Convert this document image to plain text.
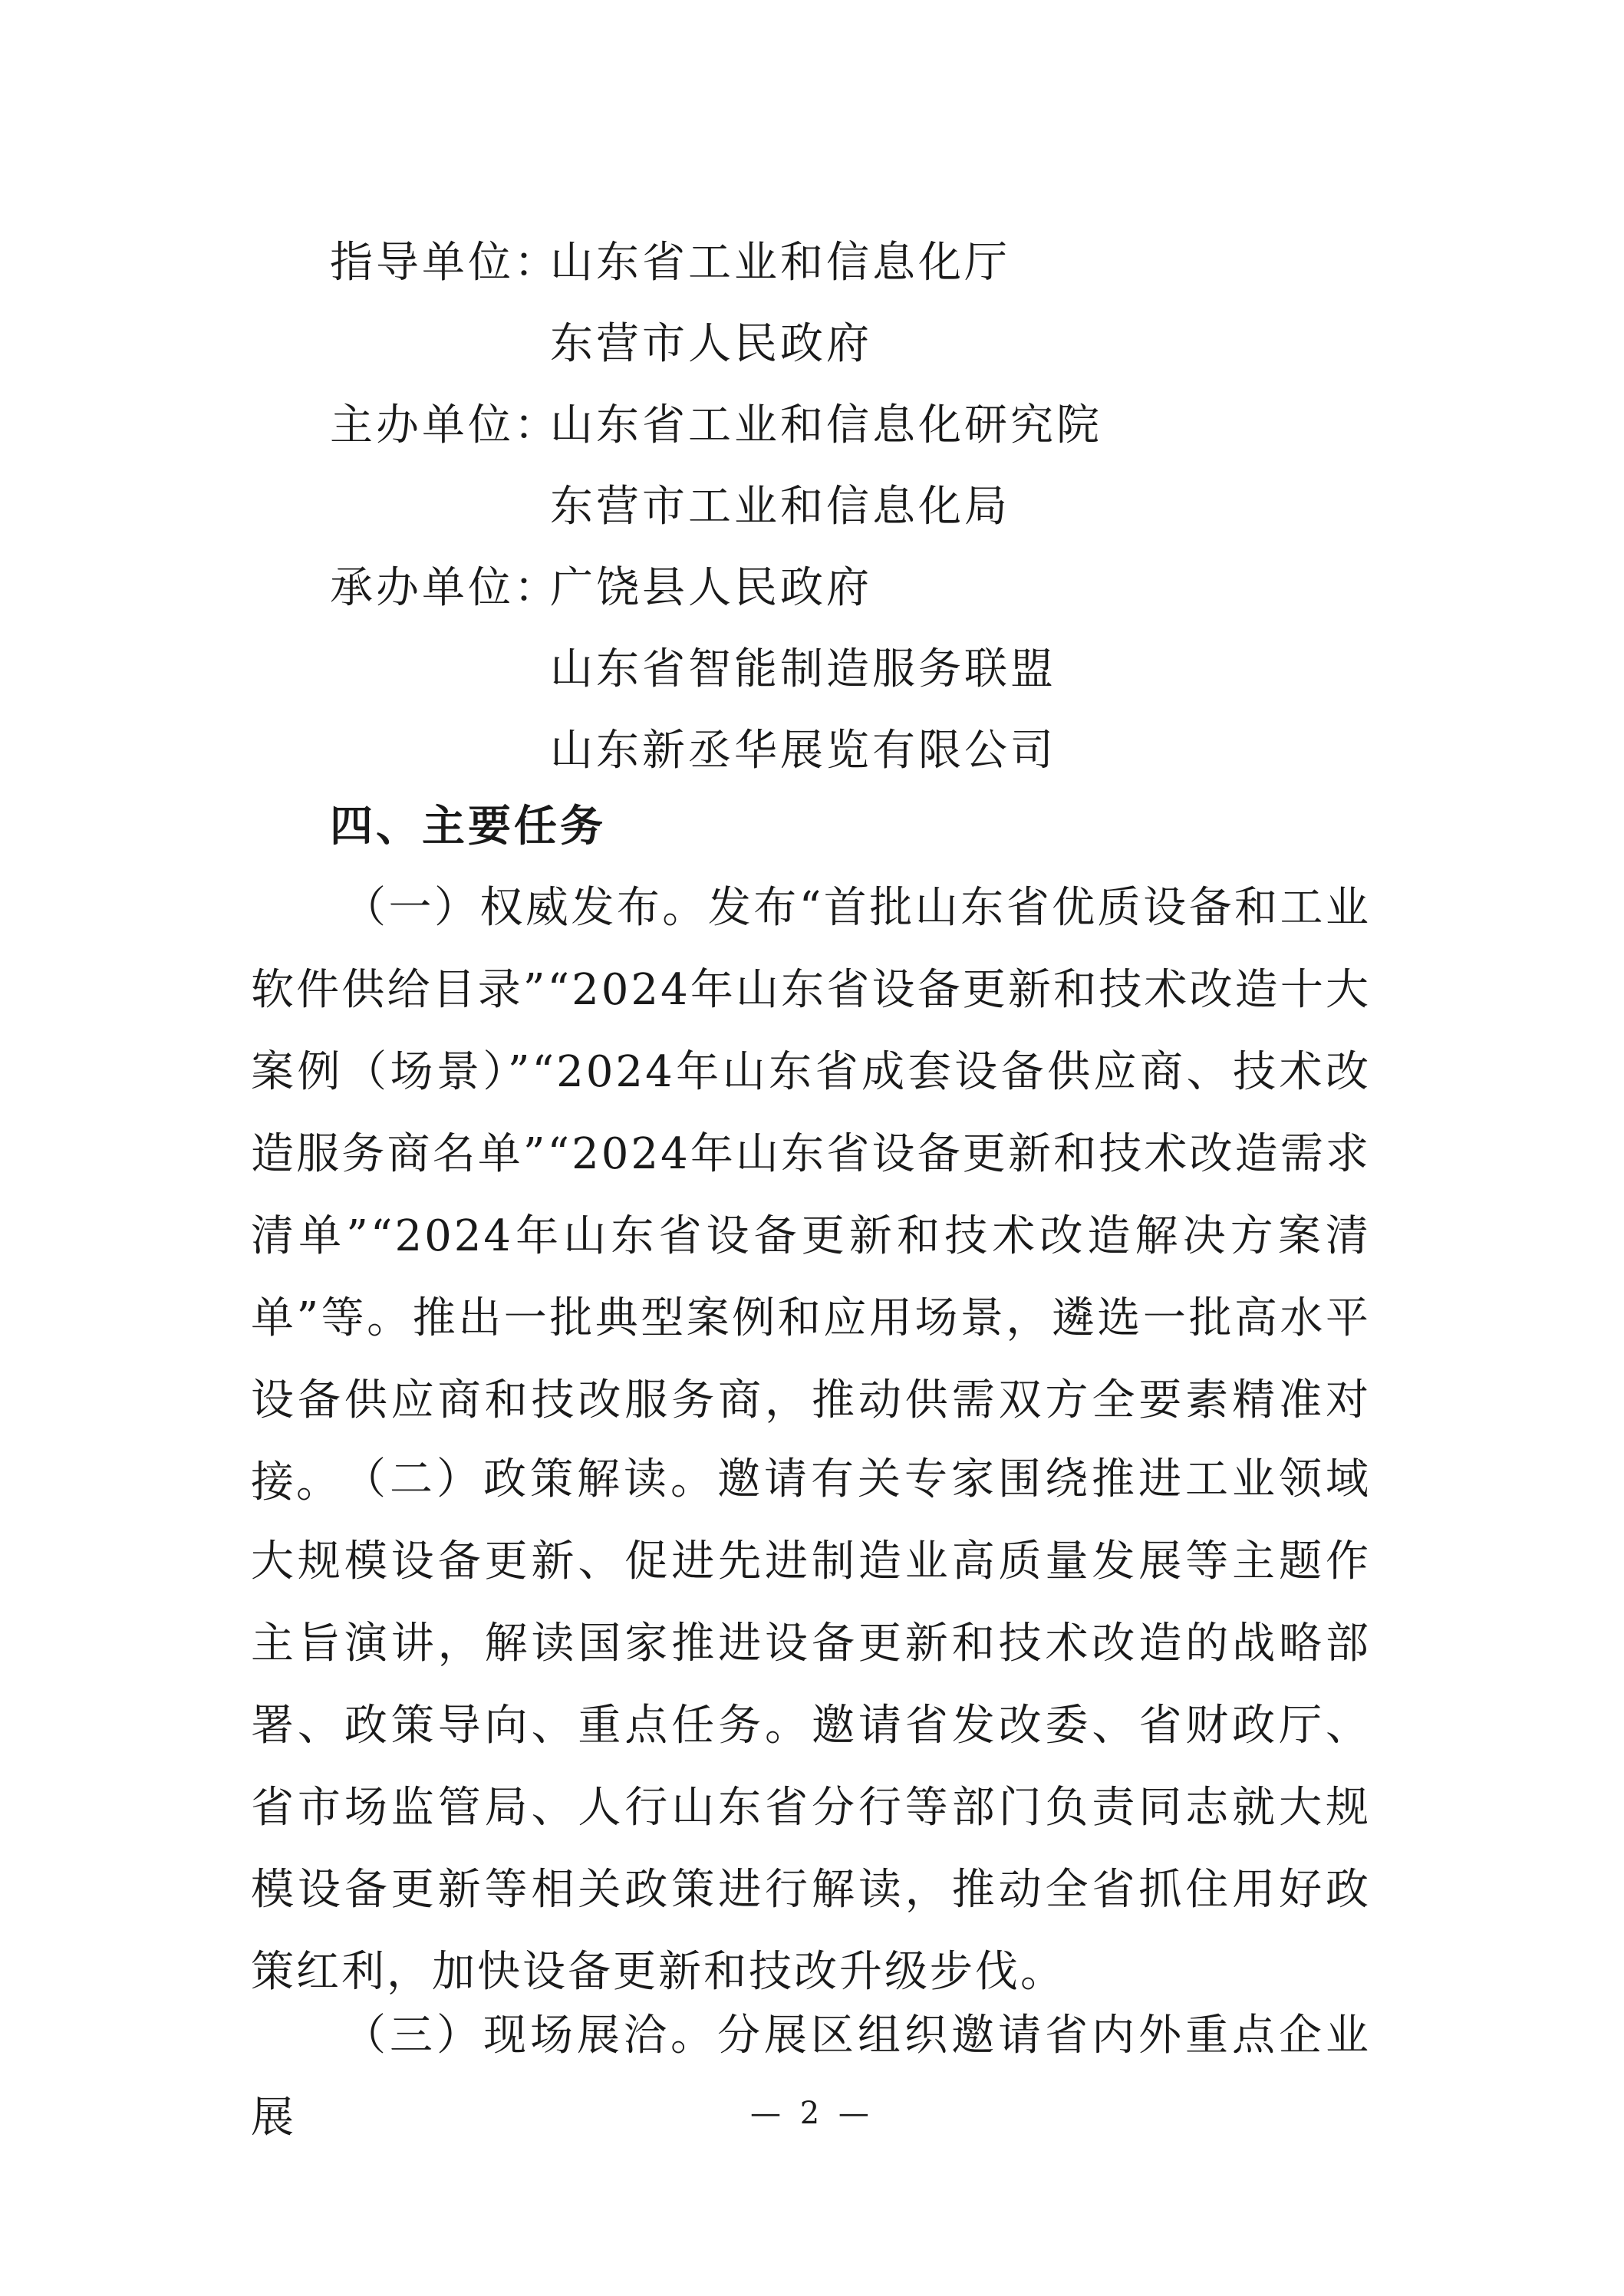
指导单位：山东省工业和信息化厅
东营市人民政府
主办单位：山东省工业和信息化研究院
东营市工业和信息化局
承办单位：广饶县人民政府
山东省智能制造服务联盟
山东新丞华展览有限公司
四、主要任务

（一）权威发布。发布“首批山东省优质设备和工业软件供给目录”“2024年山东省设备更新和技术改造十大案例（场景）”“2024年山东省成套设备供应商、技术改造服务商名单”“2024年山东省设备更新和技术改造需求清单”“2024年山东省设备更新和技术改造解决方案清单”等。推出一批典型案例和应用场景，遴选一批高水平设备供应商和技改服务商，推动供需双方全要素精准对接。 （二）政策解读。邀请有关专家围绕推进工业领域大规模设备更新、促进先进制造业高质量发展等主题作主旨演讲，解读国家推进设备更新和技术改造的战略部署、政策导向、重点任务。邀请省发改委、省财政厅、省市场监管局、人行山东省分行等部门负责同志就大规模设备更新等相关政策进行解读，推动全省抓住用好政策红利，加快设备更新和技改升级步伐。

（三）现场展洽。分展区组织邀请省内外重点企业展	— 2 —
